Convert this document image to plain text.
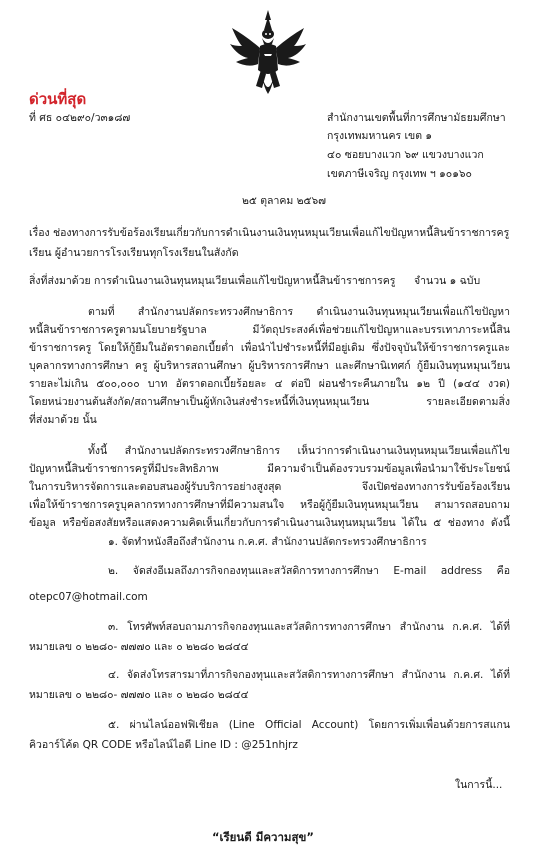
ด่วนที่สุด
ที่ ศธ ๐๔๒๙๐/ว๓๑๘๗	สำนักงานเขตพื้นที่การศึกษามัธยมศึกษา
กรุงเทพมหานคร เขต ๑
๔๐ ซอยบางแวก ๖๙ แขวงบางแวก
เขตภาษีเจริญ กรุงเทพ ฯ ๑๐๑๖๐
๒๕ ตุลาคม ๒๕๖๗
เรื่อง ช่องทางการรับข้อร้องเรียนเกี่ยวกับการดำเนินงานเงินทุนหมุนเวียนเพื่อแก้ไขปัญหาหนี้สินข้าราชการครู
เรียน ผู้อำนวยการโรงเรียนทุกโรงเรียนในสังกัด
สิ่งที่ส่งมาด้วย การดำเนินงานเงินทุนหมุนเวียนเพื่อแก้ไขปัญหาหนี้สินข้าราชการครู จำนวน ๑ ฉบับ
ตามที่ สำนักงานปลัดกระทรวงศึกษาธิการ ดำเนินงานเงินทุนหมุนเวียนเพื่อแก้ไขปัญหา
หนี้สินข้าราชการครูตามนโยบายรัฐบาล มีวัตถุประสงค์เพื่อช่วยแก้ไขปัญหาและบรรเทาภาระหนี้สิน
ข้าราชการครู โดยให้กู้ยืมในอัตราดอกเบี้ยต่ำ เพื่อนำไปชำระหนี้ที่มีอยู่เดิม ซึ่งปัจจุบันให้ข้าราชการครูและ
บุคลากรทางการศึกษา ครู ผู้บริหารสถานศึกษา ผู้บริหารการศึกษา และศึกษานิเทศก์ กู้ยืมเงินทุนหมุนเวียน
รายละไม่เกิน ๕๐๐,๐๐๐ บาท อัตราดอกเบี้ยร้อยละ ๔ ต่อปี ผ่อนชำระคืนภายใน ๑๒ ปี (๑๔๔ งวด)
โดยหน่วยงานต้นสังกัด/สถานศึกษาเป็นผู้หักเงินส่งชำระหนี้ที่เงินทุนหมุนเวียน รายละเอียดตามสิ่ง
ที่ส่งมาด้วย นั้น
ทั้งนี้ สำนักงานปลัดกระทรวงศึกษาธิการ เห็นว่าการดำเนินงานเงินทุนหมุนเวียนเพื่อแก้ไข
ปัญหาหนี้สินข้าราชการครูที่มีประสิทธิภาพ มีความจำเป็นต้องรวบรวมข้อมูลเพื่อนำมาใช้ประโยชน์
ในการบริหารจัดการและตอบสนองผู้รับบริการอย่างสูงสุด จึงเปิดช่องทางการรับข้อร้องเรียน
เพื่อให้ข้าราชการครูบุคลากรทางการศึกษาที่มีความสนใจ หรือผู้กู้ยืมเงินทุนหมุนเวียน สามารถสอบถาม
ข้อมูล หรือข้อสงสัยหรือแสดงความคิดเห็นเกี่ยวกับการดำเนินงานเงินทุนหมุนเวียน ได้ใน ๕ ช่องทาง ดังนี้
๑. จัดทำหนังสือถึงสำนักงาน ก.ค.ศ. สำนักงานปลัดกระทรวงศึกษาธิการ
๒. จัดส่งอีเมลถึงภารกิจกองทุนและสวัสดิการทางการศึกษา E-mail address คือ
otepc07@hotmail.com
๓. โทรศัพท์สอบถามภารกิจกองทุนและสวัสดิการทางการศึกษา สำนักงาน ก.ค.ศ. ได้ที่
หมายเลข ๐ ๒๒๘๐- ๗๗๗๐ และ ๐ ๒๒๘๐ ๒๘๔๔
๔. จัดส่งโทรสารมาที่ภารกิจกองทุนและสวัสดิการทางการศึกษา สำนักงาน ก.ค.ศ. ได้ที่
หมายเลข ๐ ๒๒๘๐- ๗๗๗๐ และ ๐ ๒๒๘๐ ๒๘๔๔
๕. ผ่านไลน์ออฟฟิเชียล (Line Official Account) โดยการเพิ่มเพื่อนด้วยการสแกน
คิวอาร์โค้ด QR CODE หรือไลน์ไอดี Line ID : @251nhjrz
ในการนี้...
“เรียนดี มีความสุข”
